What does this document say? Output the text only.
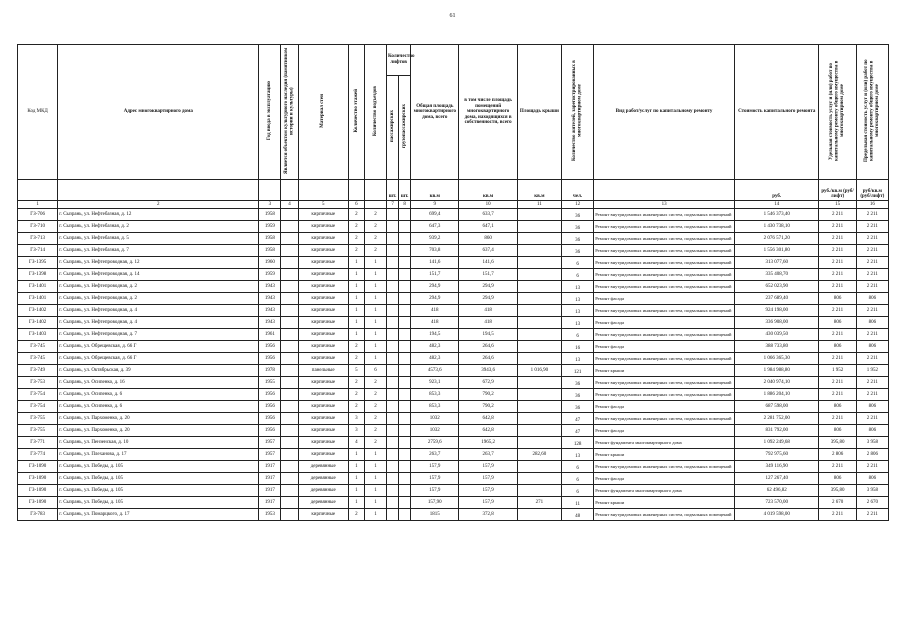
61
Код МКД	Адрес многоквартирного дома	Год ввода в эксплуатацию	Является объектом культурного наследия (памятником истории и культуры)	Материал стен	Количество этажей	Количество подъездов	Количество лифтов		Общая площадь многоквартирного дома, всего	в том числе площадь помещений многоквартирного дома, находящихся в собственности, всего	Площадь крыши	Количество жителей, зарегистрированных в многоквартирном доме	Вид работ/услуг по капитальному ремонту	Стоимость капитального ремонта	Удельная стоимость услуг и (или) работ по капитальному ремонту общего имущества в многоквартирном доме	Предельная стоимость услуг и (или) работ по капитальному ремонту общего имущества в многоквартирном доме
							пассажирских	грузопассажирских								
							шт.	шт.	кв.м	кв.м	кв.м	чел.		руб.	руб./кв.м (руб/лифт)	руб/кв.м (руб/лифт)
1	2	3	4	5	6		7	8	9	10	11	12	13	14	15	16
ГЗ-706	г. Сызрань, ул. Нефтебазная, д. 12	1958		кирпичные	2	2			699,4	633,7		36	Ремонт внутридомовых инженерных систем, подвальных помещений	1 546 373,40	2 211	2 211
ГЗ-710	г. Сызрань, ул. Нефтебазная, д. 2	1959		кирпичные	2	2			647,3	647,1		36	Ремонт внутридомовых инженерных систем, подвальных помещений	1 430 738,10	2 211	2 211
ГЗ-713	г. Сызрань, ул. Нефтебазная, д. 5	1958		кирпичные	2	2			939,2	860		36	Ремонт внутридомовых инженерных систем, подвальных помещений	2 076 571,20	2 211	2 211
ГЗ-714	г. Сызрань, ул. Нефтебазная, д. 7	1958		кирпичные	2	2			703,8	637,4		36	Ремонт внутридомовых инженерных систем, подвальных помещений	1 556 301,80	2 211	2 211
ГЗ-1395	г. Сызрань, ул. Нефтепроводная, д. 12	1960		кирпичные	1	1			141,6	141,6		6	Ремонт внутридомовых инженерных систем, подвальных помещений	313 077,60	2 211	2 211
ГЗ-1398	г. Сызрань, ул. Нефтепроводная, д. 14	1959		кирпичные	1	1			151,7	151,7		6	Ремонт внутридомовых инженерных систем, подвальных помещений	335 408,70	2 211	2 211
ГЗ-1401	г. Сызрань, ул. Нефтепроводная, д. 2	1943		кирпичные	1	1			294,9	294,9		13	Ремонт внутридомовых инженерных систем, подвальных помещений	652 023,90	2 211	2 211
ГЗ-1401	г. Сызрань, ул. Нефтепроводная, д. 2	1943		кирпичные	1	1			294,9	294,9		13	Ремонт фасада	237 689,40	806	806
ГЗ-1402	г. Сызрань, ул. Нефтепроводная, д. 4	1943		кирпичные	1	1			418	418		13	Ремонт внутридомовых инженерных систем, подвальных помещений	924 198,00	2 211	2 211
ГЗ-1402	г. Сызрань, ул. Нефтепроводная, д. 4	1943		кирпичные	1	1			418	418		13	Ремонт фасада	336 908,00	806	806
ГЗ-1403	г. Сызрань, ул. Нефтепроводная, д. 7	1961		кирпичные	1	1			194,5	194,5		6	Ремонт внутридомовых инженерных систем, подвальных помещений	430 039,50	2 211	2 211
ГЗ-745	г. Сызрань, ул. Обрещевская, д. 66 Г	1956		кирпичные	2	1			482,3	264,6		16	Ремонт фасада	388 733,80	806	806
ГЗ-745	г. Сызрань, ул. Обрещевская, д. 66 Г	1956		кирпичные	2	1			482,3	264,6		13	Ремонт внутридомовых инженерных систем, подвальных помещений	1 066 365,30	2 211	2 211
ГЗ-749	г. Сызрань, ул. Октябрьская, д. 39	1978		панельные	5	6			4573,6	3943,6	1 016,90	121	Ремонт крыши	1 984 988,80	1 952	1 952
ГЗ-753	г. Сызрань, ул. Осипенко, д. 16	1955		кирпичные	2	2			923,1	672,9		36	Ремонт внутридомовых инженерных систем, подвальных помещений	2 040 974,10	2 211	2 211
ГЗ-754	г. Сызрань, ул. Осипенко, д. 6	1956		кирпичные	2	2			853,3	790,2		36	Ремонт внутридомовых инженерных систем, подвальных помещений	1 886 204,10	2 211	2 211
ГЗ-754	г. Сызрань, ул. Осипенко, д. 6	1956		кирпичные	2	2			853,3	790,2		36	Ремонт фасада	687 598,00	806	806
ГЗ-755	г. Сызрань, ул. Пархоменко, д. 20	1956		кирпичные	3	2			1032	642,8		47	Ремонт внутридомовых инженерных систем, подвальных помещений	2 281 752,00	2 211	2 211
ГЗ-755	г. Сызрань, ул. Пархоменко, д. 20	1956		кирпичные	3	2			1032	642,8		47	Ремонт фасада	831 792,00	806	806
ГЗ-771	г. Сызрань, ул. Пензенская, д. 10	1957		кирпичные	4	2			2759,6	1965,2		128	Ремонт фундамента многоквартирного дома	1 092 249,68	395,80	3 958
ГЗ-774	г. Сызрань, ул. Плеханова, д. 17	1957		кирпичные	1	1			263,7	263,7	282,60	13	Ремонт крыши	792 975,60	2 806	2 806
ГЗ-1090	г. Сызрань, ул. Победы, д. 105	1917		деревянные	1	1			157,9	157,9		6	Ремонт внутридомовых инженерных систем, подвальных помещений	349 116,90	2 211	2 211
ГЗ-1090	г. Сызрань, ул. Победы, д. 105	1917		деревянные	1	1			157,9	157,9		6	Ремонт фасада	127 267,40	806	806
ГЗ-1090	г. Сызрань, ул. Победы, д. 105	1917		деревянные	1	1			157,9	157,9		6	Ремонт фундамента многоквартирного дома	62 496,82	395,80	3 958
ГЗ-1090	г. Сызрань, ул. Победы, д. 105	1917		деревянные	1	1			157,90	157,9	271	11	Ремонт крыши	723 570,00	2 670	2 670
ГЗ-783	г. Сызрань, ул. Помарцкого, д. 17	1953		кирпичные	2	1			1815	372,8		48	Ремонт внутридомовых инженерных систем, подвальных помещений	4 019 598,00	2 211	2 211
